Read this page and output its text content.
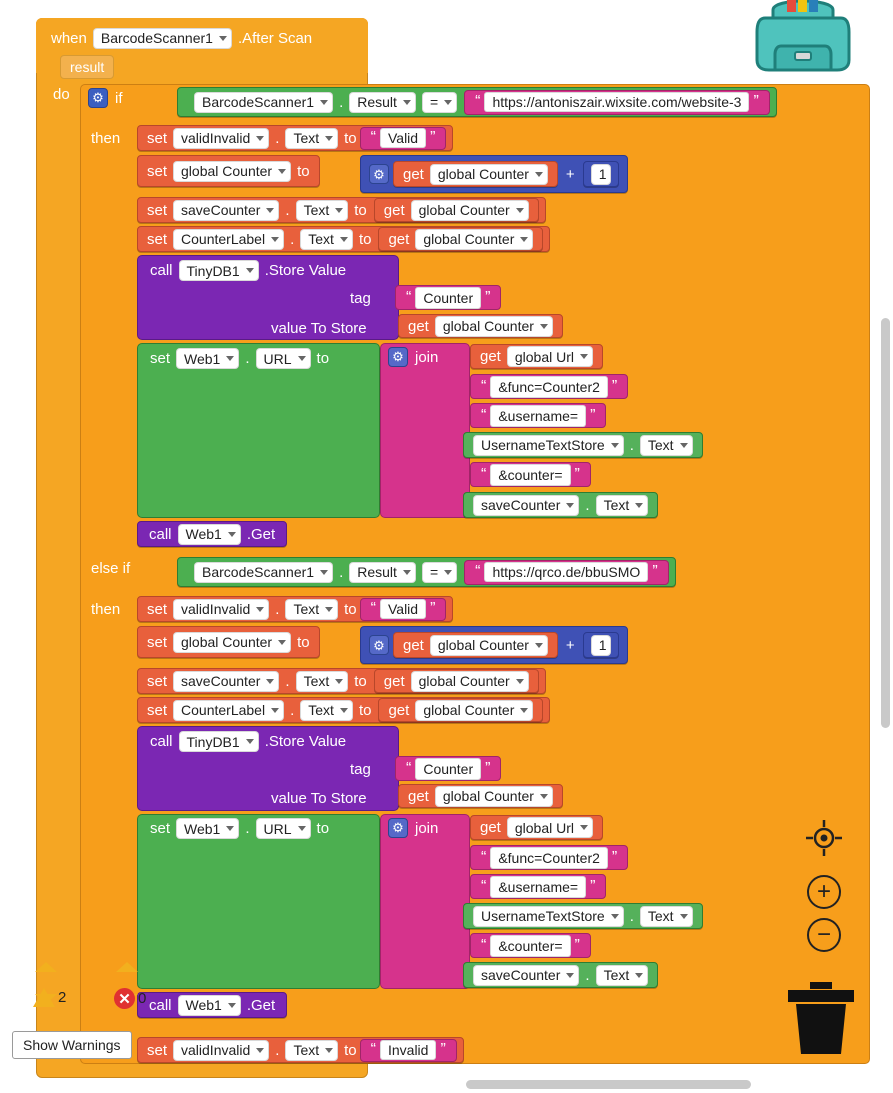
when BarcodeScanner1 .After Scan
result
do	⚙ if	BarcodeScanner1 . Result = “ https://antoniszair.wixsite.com/website-3 ”
then set validInvalid . Text to “ Valid ”
set global Counter to	⚙ get global Counter	+	1
set saveCounter . Text to get global Counter
set CounterLabel . Text to get global Counter
call TinyDB1 .Store Value
tag “ Counter ”
value To Store	get global Counter
set Web1 . URL to	⚙ join	get global Url
“ &func=Counter2 ”
“ &username= ”
UsernameTextStore . Text
“ &counter= ”
saveCounter . Text
call Web1 .Get
else if	BarcodeScanner1 . Result = “ https://qrco.de/bbuSMO ”
then set validInvalid . Text to “ Valid ”
set global Counter to	⚙ get global Counter	+	1
set saveCounter . Text to get global Counter
set CounterLabel . Text to get global Counter
call TinyDB1 .Store Value
tag “ Counter ”
value To Store	get global Counter
set Web1 . URL to	⚙ join	get global Url
“ &func=Counter2 ”
“ &username= ”
UsernameTextStore . Text
“ &counter= ”
saveCounter . Text
call Web1 .Get
set validInvalid . Text to “ Invalid ”
2	✕ 0
Show Warnings
+
−
